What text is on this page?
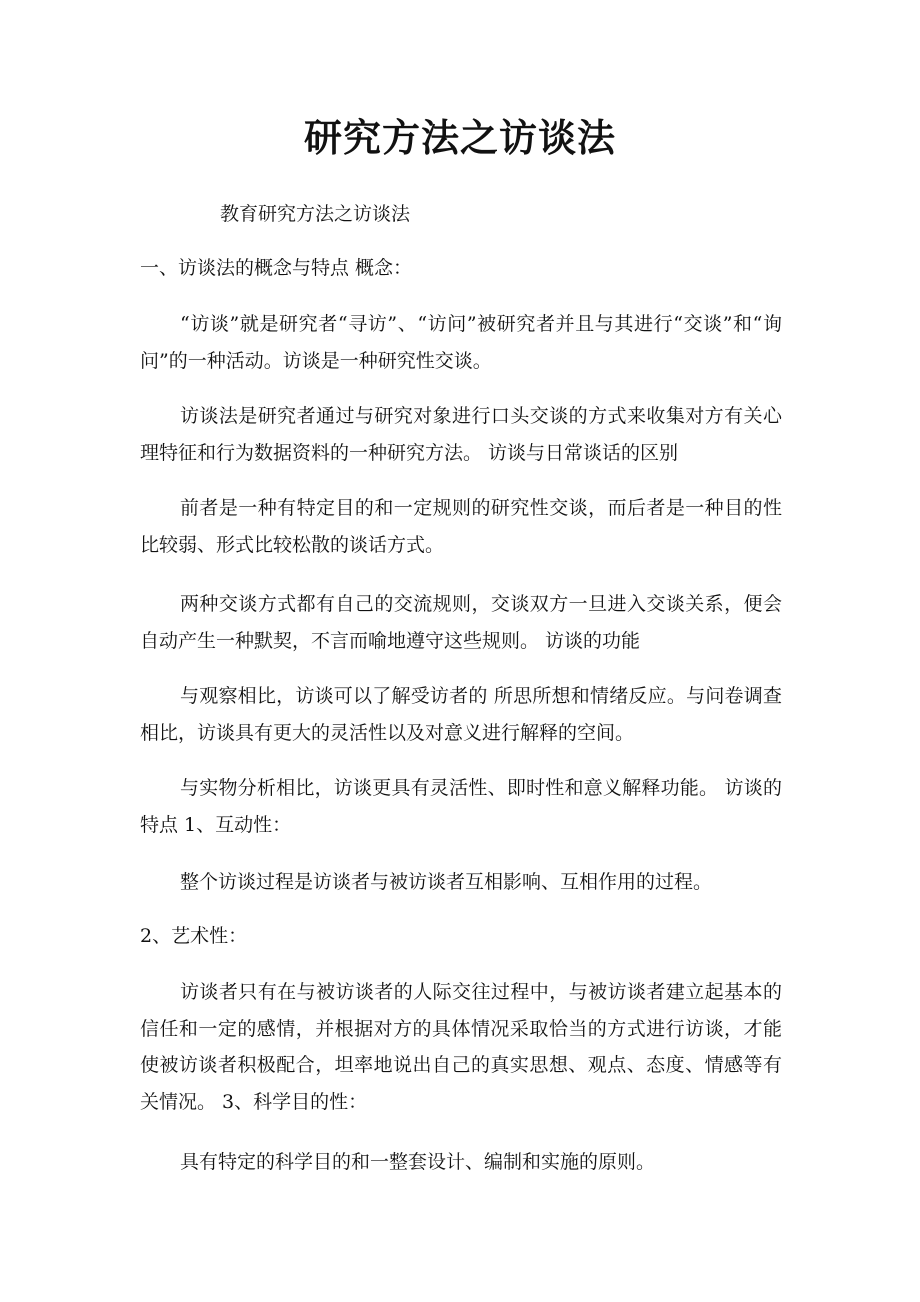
研究方法之访谈法
教育研究方法之访谈法
一、访谈法的概念与特点 概念：
“访谈”就是研究者“寻访”、“访问”被研究者并且与其进行“交谈”和“询问”的一种活动。访谈是一种研究性交谈。
访谈法是研究者通过与研究对象进行口头交谈的方式来收集对方有关心理特征和行为数据资料的一种研究方法。 访谈与日常谈话的区别
前者是一种有特定目的和一定规则的研究性交谈，而后者是一种目的性比较弱、形式比较松散的谈话方式。
两种交谈方式都有自己的交流规则，交谈双方一旦进入交谈关系，便会自动产生一种默契，不言而喻地遵守这些规则。 访谈的功能
与观察相比，访谈可以了解受访者的 所思所想和情绪反应。与问卷调查相比，访谈具有更大的灵活性以及对意义进行解释的空间。
与实物分析相比，访谈更具有灵活性、即时性和意义解释功能。 访谈的特点 1、互动性：
整个访谈过程是访谈者与被访谈者互相影响、互相作用的过程。
2、艺术性：
访谈者只有在与被访谈者的人际交往过程中，与被访谈者建立起基本的信任和一定的感情，并根据对方的具体情况采取恰当的方式进行访谈，才能使被访谈者积极配合，坦率地说出自己的真实思想、观点、态度、情感等有关情况。 3、科学目的性：
具有特定的科学目的和一整套设计、编制和实施的原则。
